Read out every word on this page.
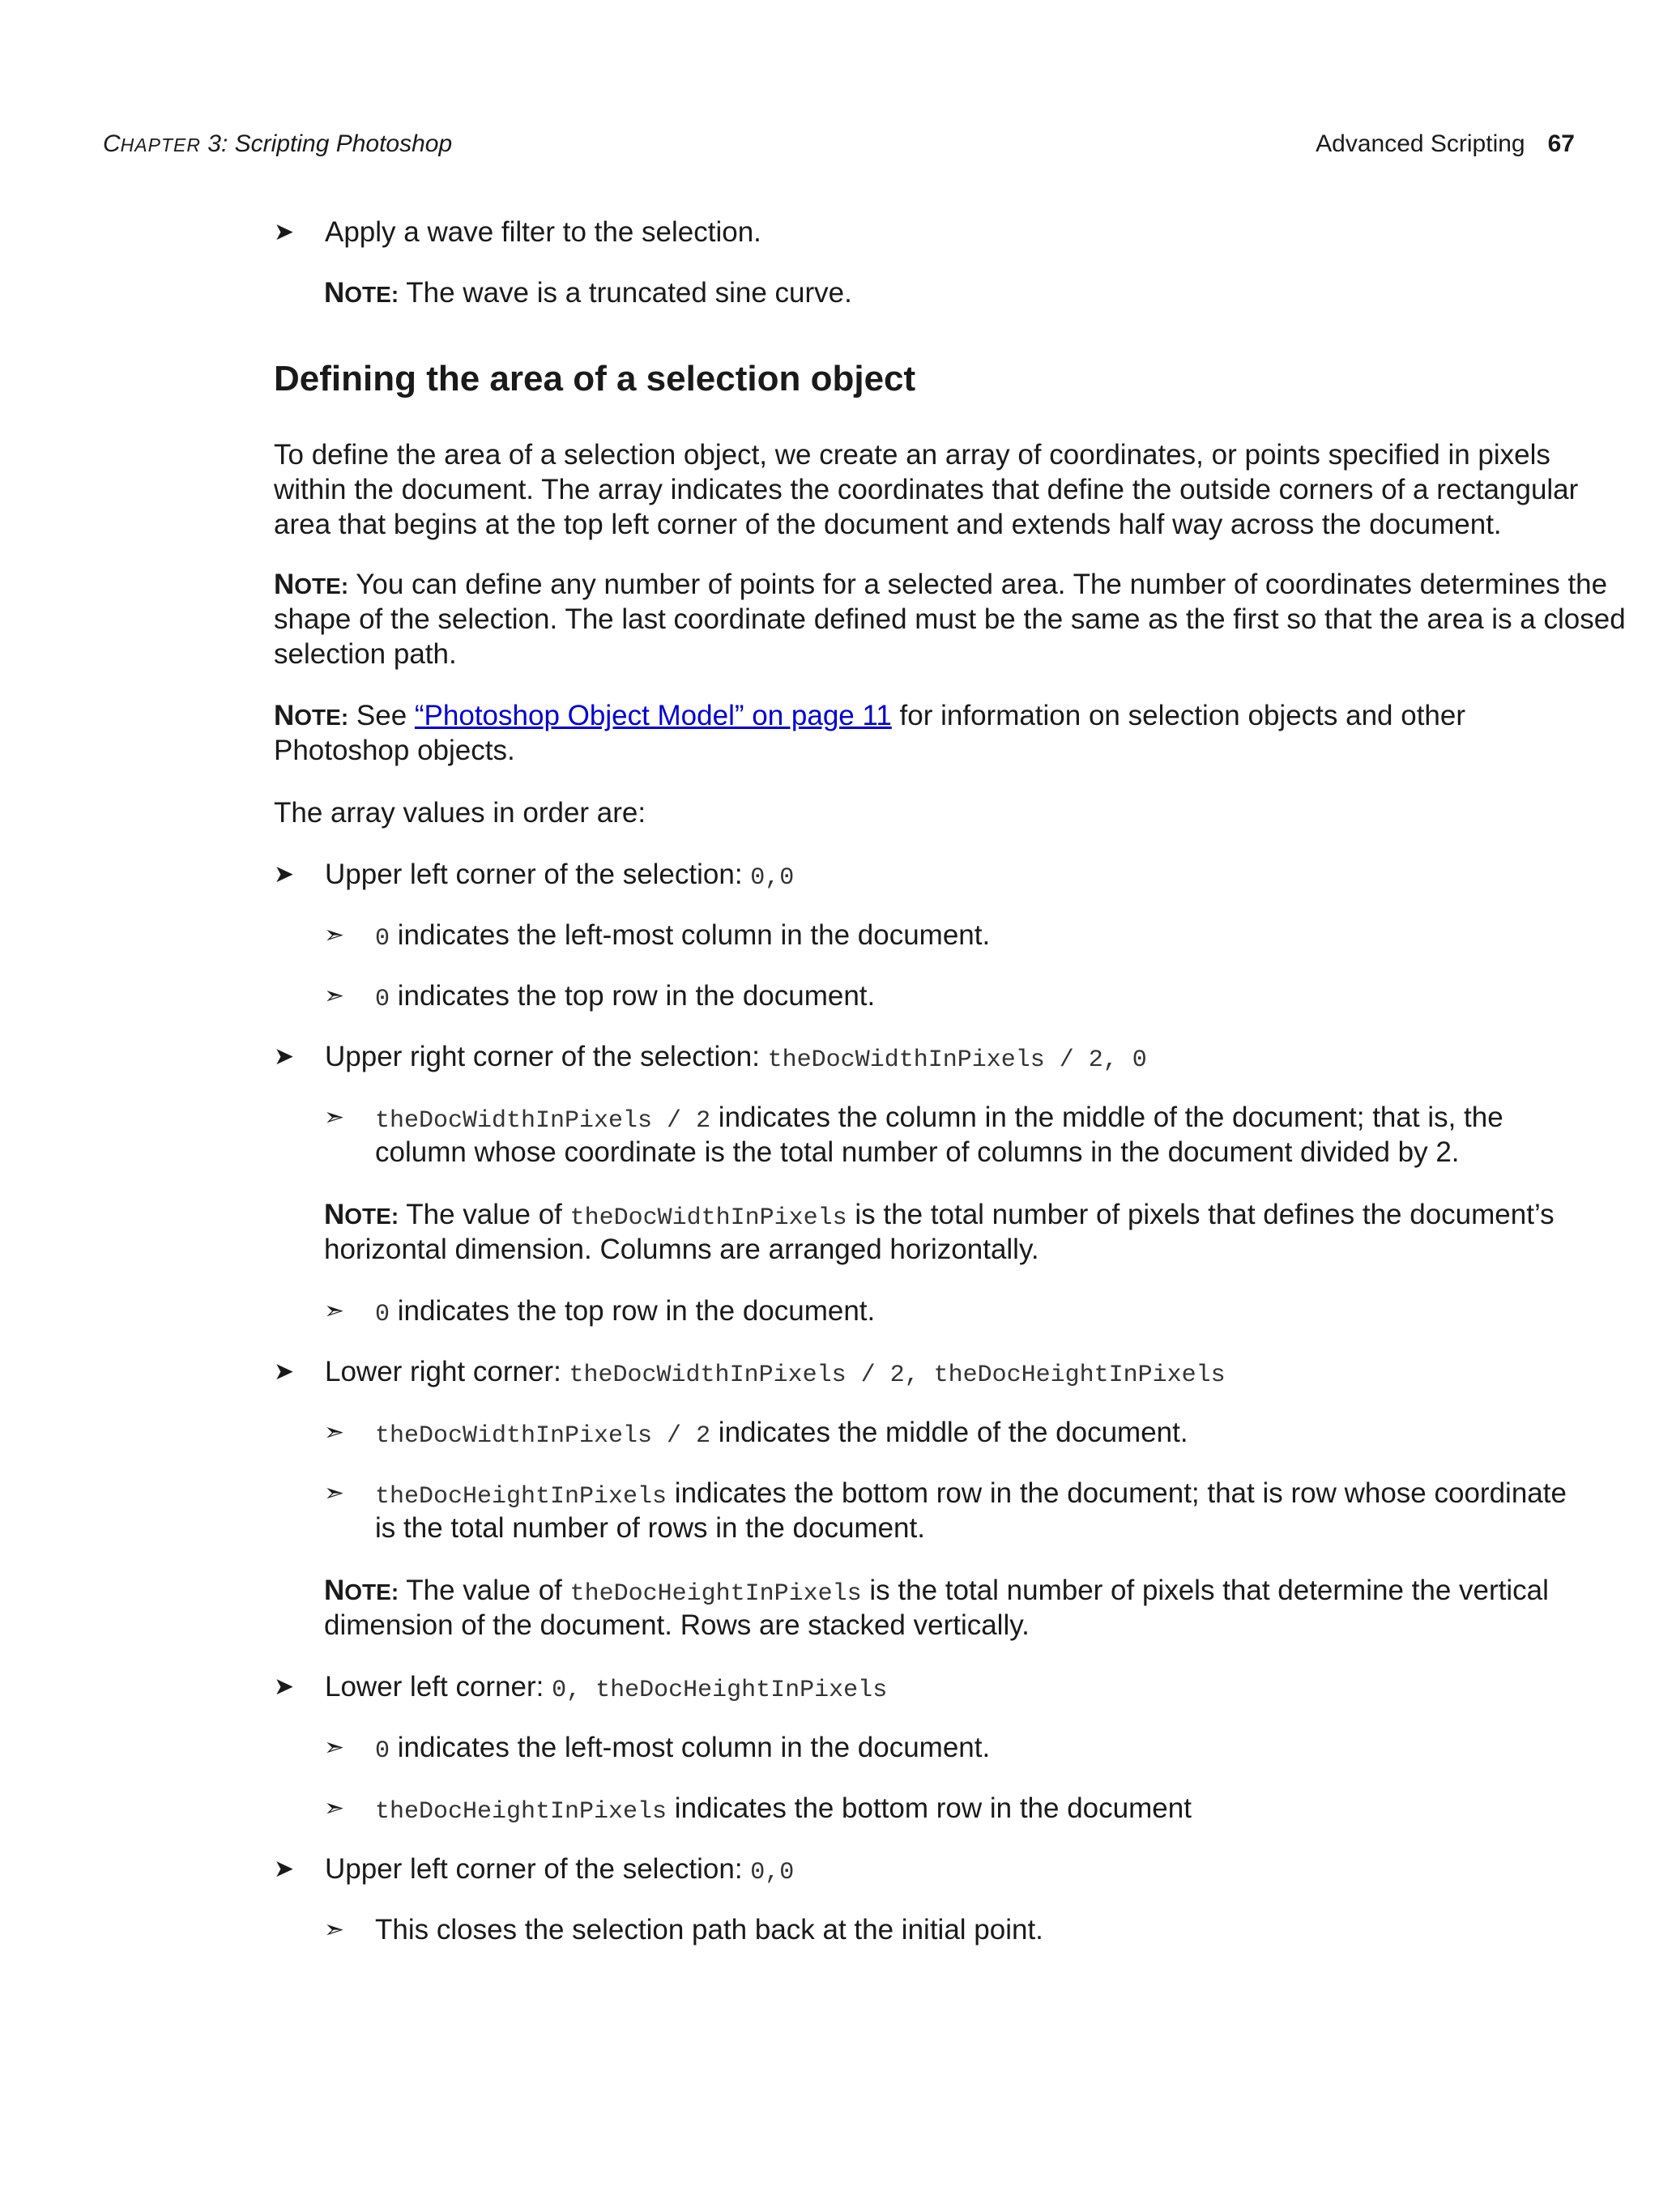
CHAPTER 3: Scripting Photoshop	Advanced Scripting 67
➤ Apply a wave filter to the selection.

NOTE: The wave is a truncated sine curve.

Defining the area of a selection object

To define the area of a selection object, we create an array of coordinates, or points specified in pixels

within the document. The array indicates the coordinates that define the outside corners of a rectangular

area that begins at the top left corner of the document and extends half way across the document.

NOTE: You can define any number of points for a selected area. The number of coordinates determines the

shape of the selection. The last coordinate defined must be the same as the first so that the area is a closed

selection path.

NOTE: See “Photoshop Object Model” on page 11 for information on selection objects and other

Photoshop objects.

The array values in order are:

➤ Upper left corner of the selection: 0,0
➣ 0 indicates the left-most column in the document.
➣ 0 indicates the top row in the document.
➤ Upper right corner of the selection: theDocWidthInPixels / 2, 0
➣ theDocWidthInPixels / 2 indicates the column in the middle of the document; that is, the

column whose coordinate is the total number of columns in the document divided by 2.

NOTE: The value of theDocWidthInPixels is the total number of pixels that defines the document’s

horizontal dimension. Columns are arranged horizontally.

➣ 0 indicates the top row in the document.
➤ Lower right corner: theDocWidthInPixels / 2, theDocHeightInPixels
➣ theDocWidthInPixels / 2 indicates the middle of the document.
➣ theDocHeightInPixels indicates the bottom row in the document; that is row whose coordinate

is the total number of rows in the document.

NOTE: The value of theDocHeightInPixels is the total number of pixels that determine the vertical

dimension of the document. Rows are stacked vertically.

➤ Lower left corner: 0, theDocHeightInPixels
➣ 0 indicates the left-most column in the document.
➣ theDocHeightInPixels indicates the bottom row in the document
➤ Upper left corner of the selection: 0,0
➣ This closes the selection path back at the initial point.
